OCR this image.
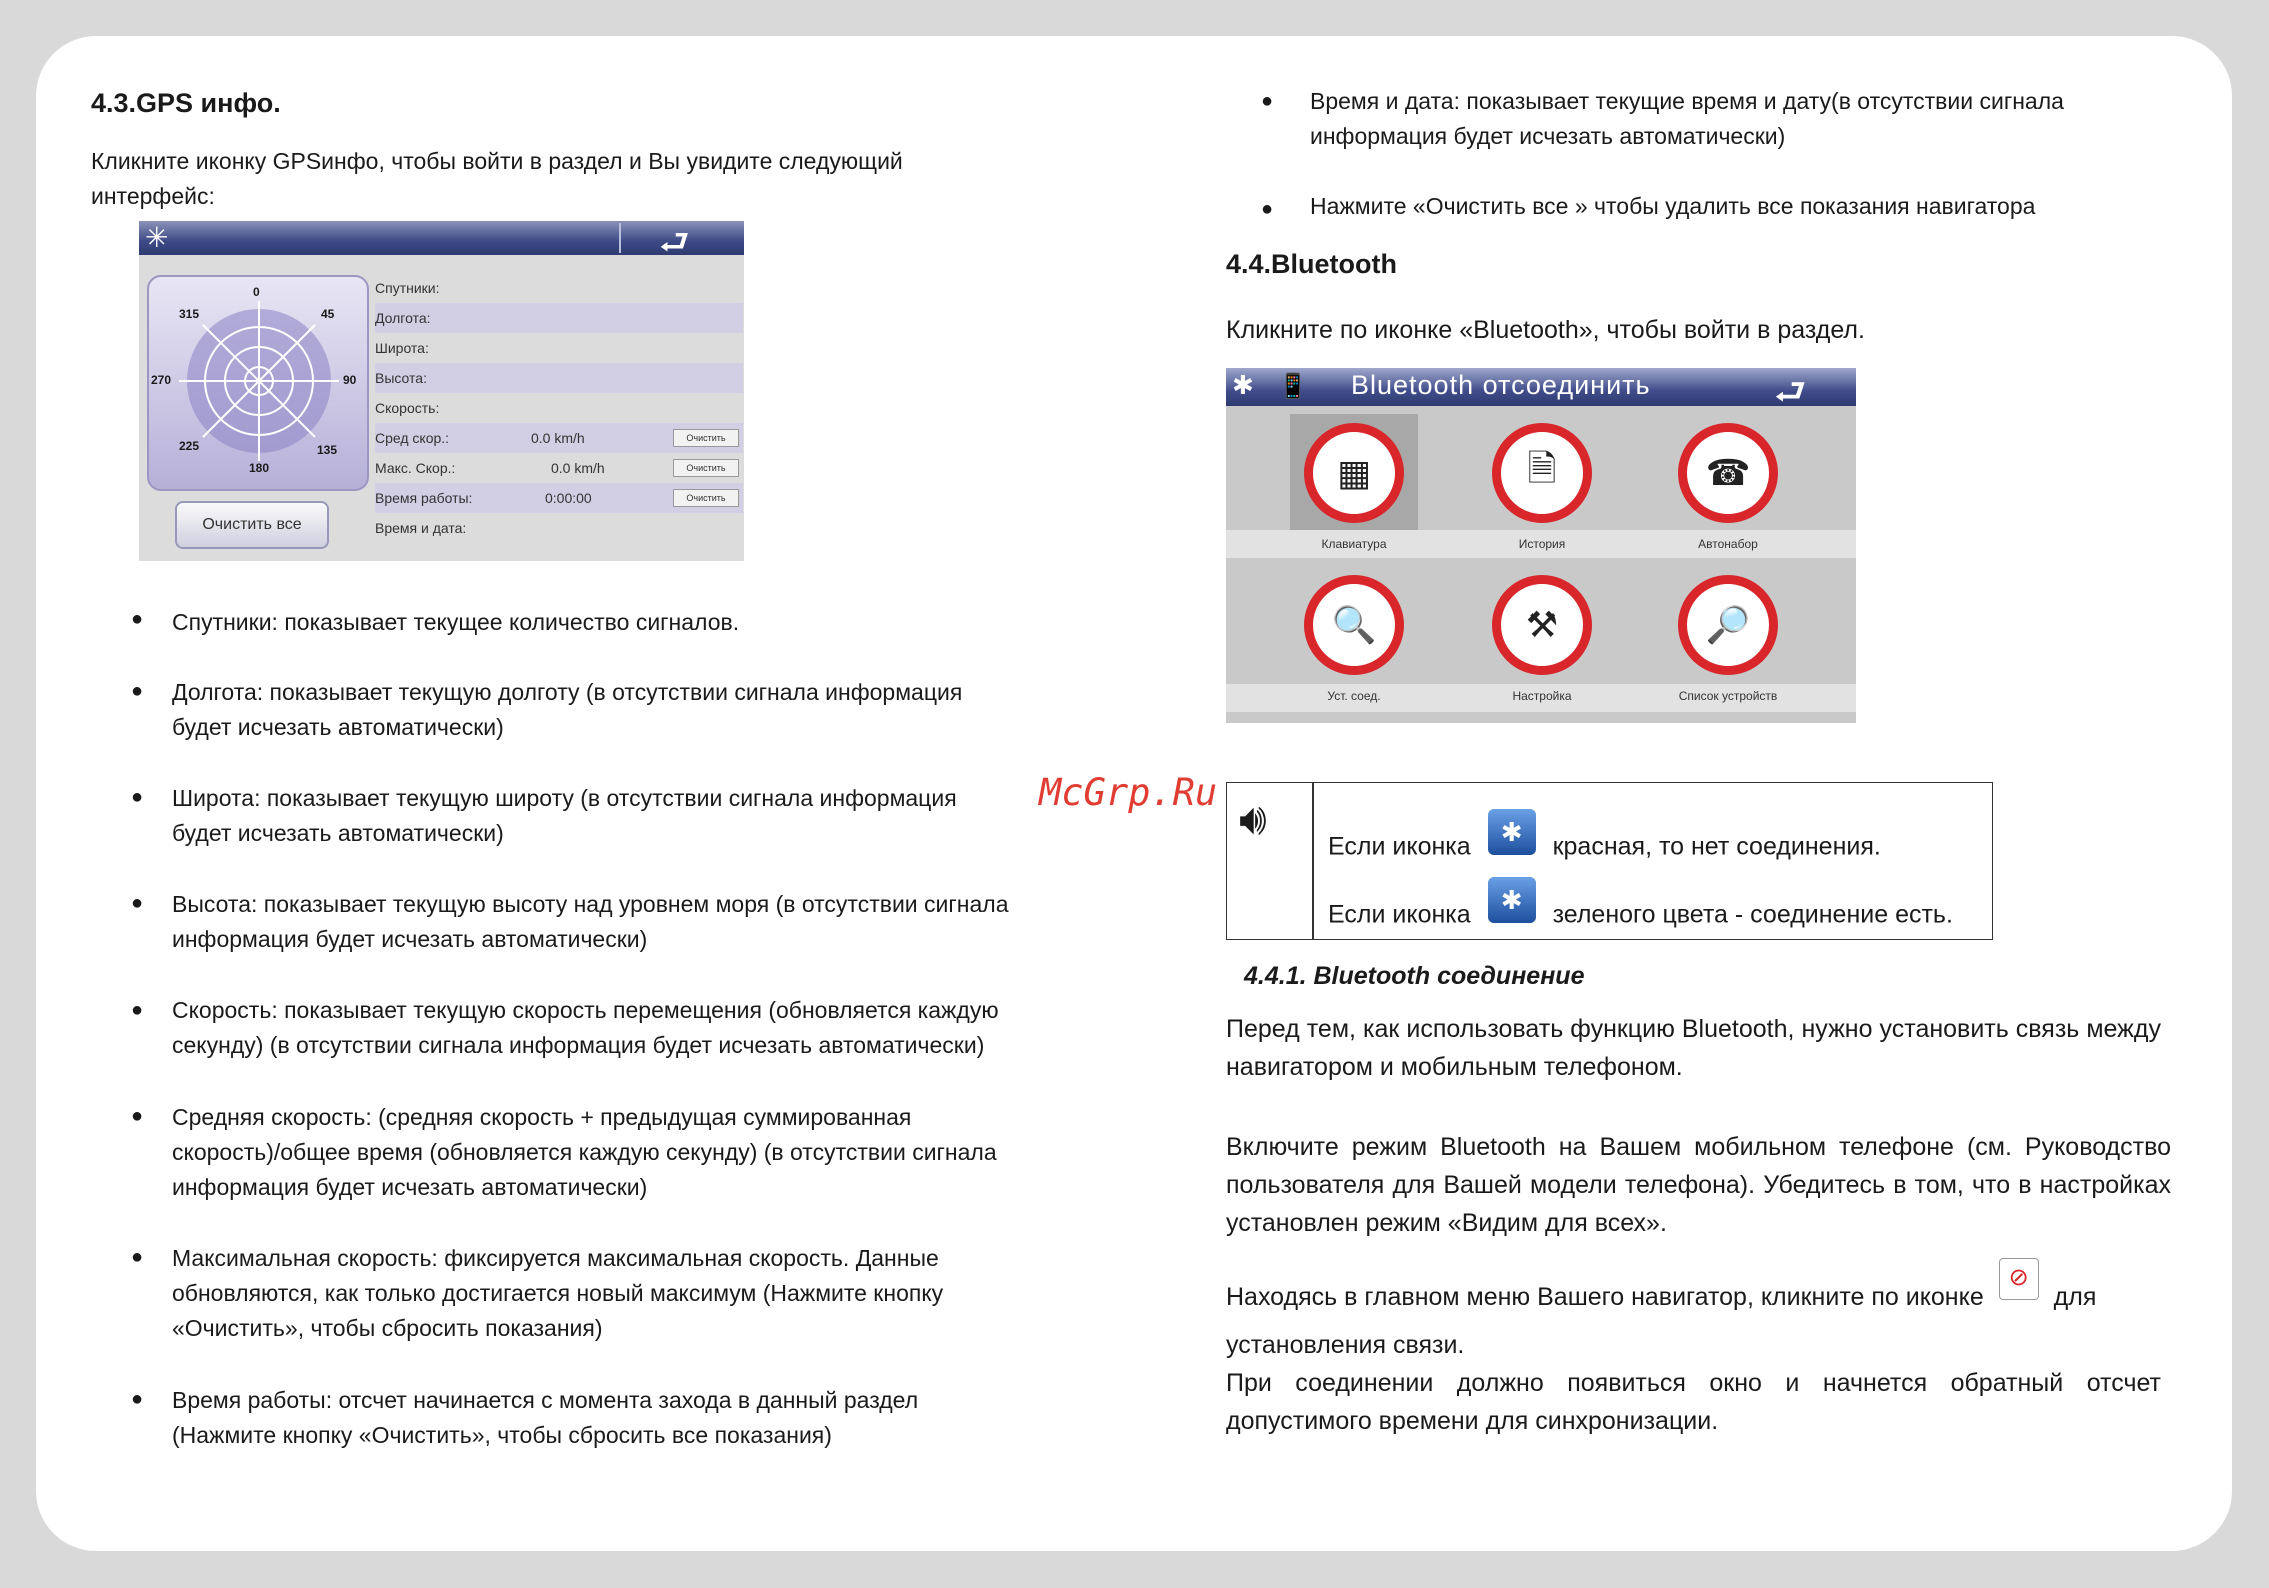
4.3.GPS инфо.
Кликните иконку GPSинфо, чтобы войти в раздел и Вы увидите следующий
интерфейс:
✳	⮐
0
45
90
135
180
225
270
315
Спутники:
Долгота:
Широта:
Высота:
Скорость:
Сред скор.:	0.0 km/h	Очистить
Макс. Скор.:	0.0 km/h	Очистить
Время работы:	0:00:00	Очистить
Время и дата:
Очистить все
● Спутники: показывает текущее количество сигналов.
● Долгота: показывает текущую долготу (в отсутствии сигнала информация
будет исчезать автоматически)
● Широта: показывает текущую широту (в отсутствии сигнала информация
будет исчезать автоматически)
● Высота: показывает текущую высоту над уровнем моря (в отсутствии сигнала
информация будет исчезать автоматически)
● Скорость: показывает текущую скорость перемещения (обновляется каждую
секунду) (в отсутствии сигнала информация будет исчезать автоматически)
● Средняя скорость: (средняя скорость + предыдущая суммированная
скорость)/общее время (обновляется каждую секунду) (в отсутствии сигнала
информация будет исчезать автоматически)
● Максимальная скорость: фиксируется максимальная скорость. Данные
обновляются, как только достигается новый максимум (Нажмите кнопку
«Очистить», чтобы сбросить показания)
● Время работы: отсчет начинается с момента захода в данный раздел
(Нажмите кнопку «Очистить», чтобы сбросить все показания)
● Время и дата: показывает текущие время и дату(в отсутствии сигнала
информация будет исчезать автоматически)
● Нажмите «Очистить все » чтобы удалить все показания навигатора
4.4.Bluetooth
Кликните по иконке «Bluetooth», чтобы войти в раздел.
✱ 📱 Bluetooth отсоединить	⮐
▦
Клавиатура
🗎
История
☎
Автонабор
🔍
Уст. соед.
⚒
Настройка
🔎
Список устройств
McGrp.Ru
🔊︎
Если иконка ✱ красная, то нет соединения.
Если иконка ✱ зеленого цвета - соединение есть.
4.4.1. Bluetooth соединение
Перед тем, как использовать функцию Bluetooth, нужно установить связь между навигатором и мобильным телефоном.
Включите режим Bluetooth на Вашем мобильном телефоне (см. Руководство пользователя для Вашей модели телефона). Убедитесь в том, что в настройках установлен режим «Видим для всех».
Находясь в главном меню Вашего навигатор, кликните по иконке ⊘ для
установления связи.
При соединении должно появиться окно и начнется обратный отсчет допустимого времени для синхронизации.
